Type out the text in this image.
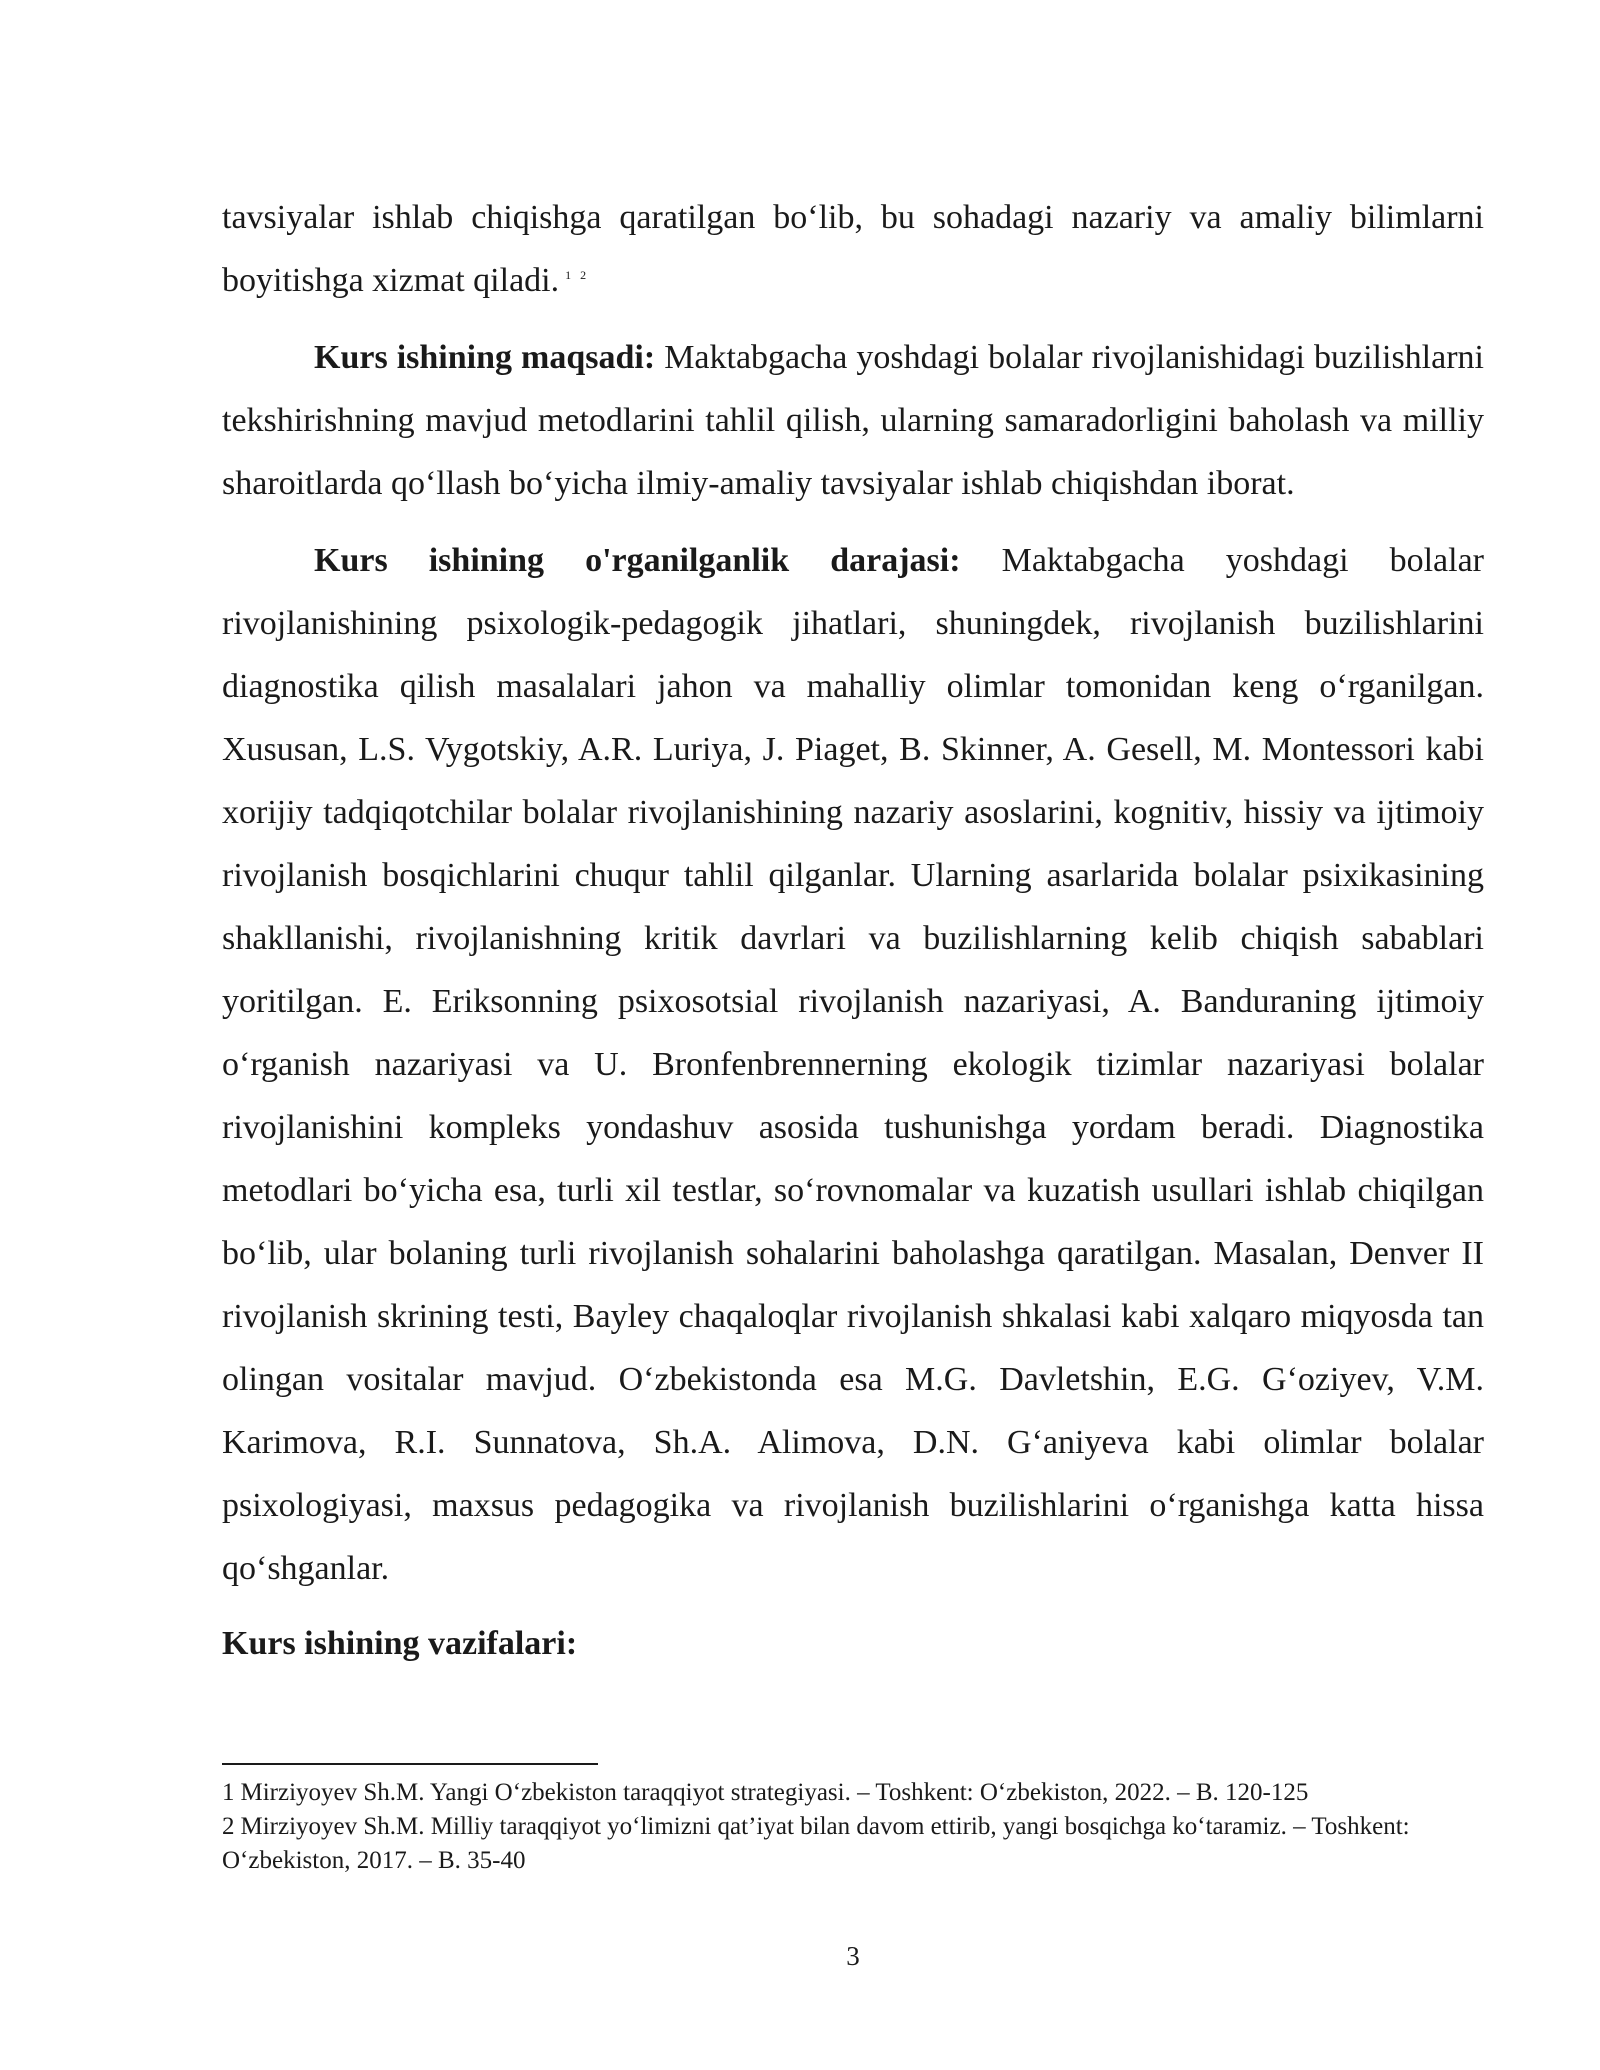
tavsiyalar ishlab chiqishga qaratilgan bo‘lib, bu sohadagi nazariy va amaliy bilimlarni boyitishga xizmat qiladi. $^{1 2}$

Kurs ishining maqsadi: Maktabgacha yoshdagi bolalar rivojlanishidagi buzilishlarni tekshirishning mavjud metodlarini tahlil qilish, ularning samaradorligini baholash va milliy sharoitlarda qo‘llash bo‘yicha ilmiy-amaliy tavsiyalar ishlab chiqishdan iborat.

Kurs ishining o'rganilganlik darajasi: Maktabgacha yoshdagi bolalar rivojlanishining psixologik-pedagogik jihatlari, shuningdek, rivojlanish buzilishlarini diagnostika qilish masalalari jahon va mahalliy olimlar tomonidan keng o‘rganilgan. Xususan, L.S. Vygotskiy, A.R. Luriya, J. Piaget, B. Skinner, A. Gesell, M. Montessori kabi xorijiy tadqiqotchilar bolalar rivojlanishining nazariy asoslarini, kognitiv, hissiy va ijtimoiy rivojlanish bosqichlarini chuqur tahlil qilganlar. Ularning asarlarida bolalar psixikasining shakllanishi, rivojlanishning kritik davrlari va buzilishlarning kelib chiqish sabablari yoritilgan. E. Eriksonning psixosotsial rivojlanish nazariyasi, A. Banduraning ijtimoiy o‘rganish nazariyasi va U. Bronfenbrennerning ekologik tizimlar nazariyasi bolalar rivojlanishini kompleks yondashuv asosida tushunishga yordam beradi. Diagnostika metodlari bo‘yicha esa, turli xil testlar, so‘rovnomalar va kuzatish usullari ishlab chiqilgan bo‘lib, ular bolaning turli rivojlanish sohalarini baholashga qaratilgan. Masalan, Denver II rivojlanish skrining testi, Bayley chaqaloqlar rivojlanish shkalasi kabi xalqaro miqyosda tan olingan vositalar mavjud. O‘zbekistonda esa M.G. Davletshin, E.G. G‘oziyev, V.M. Karimova, R.I. Sunnatova, Sh.A. Alimova, D.N. G‘aniyeva kabi olimlar bolalar psixologiyasi, maxsus pedagogika va rivojlanish buzilishlarini o‘rganishga katta hissa qo‘shganlar.

Kurs ishining vazifalari:

1 Mirziyoyev Sh.M. Yangi O‘zbekiston taraqqiyot strategiyasi. – Toshkent: O‘zbekiston, 2022. – B. 120-125

2 Mirziyoyev Sh.M. Milliy taraqqiyot yo‘limizni qat’iyat bilan davom ettirib, yangi bosqichga ko‘taramiz. – Toshkent: O‘zbekiston, 2017. – B. 35-40

3
